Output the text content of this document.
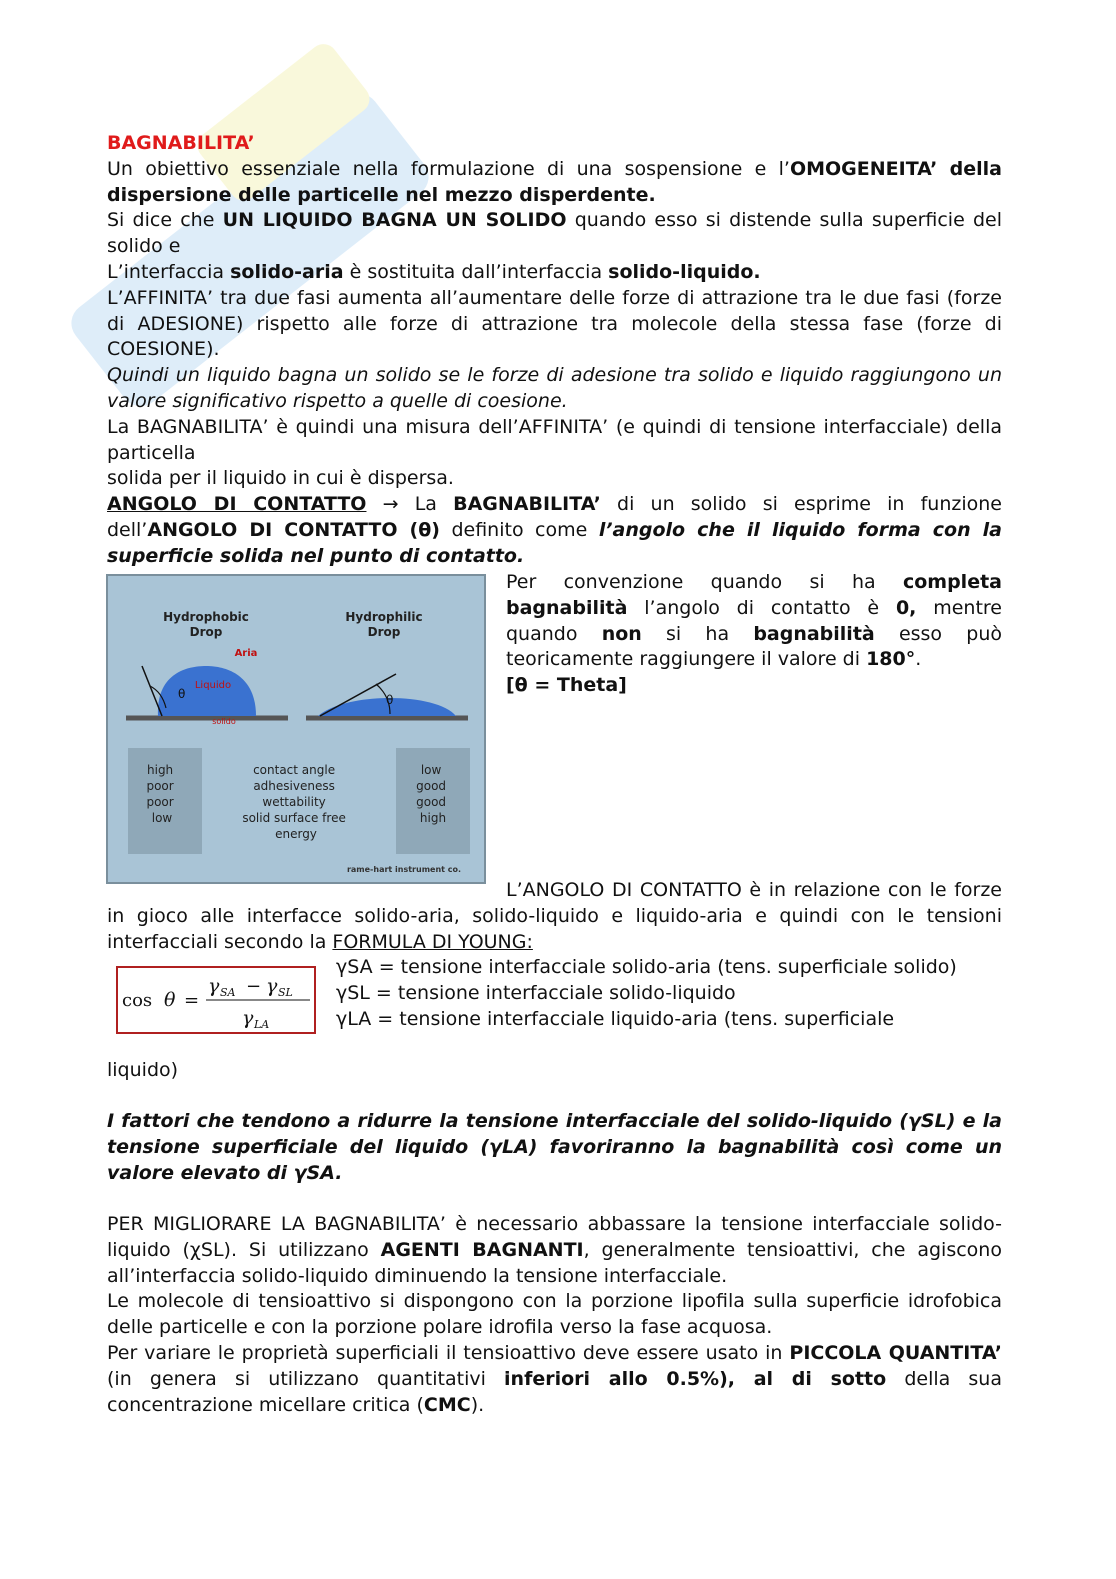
BAGNABILITA’

Un obiettivo essenziale nella formulazione di una sospensione e l’OMOGENEITA’ della dispersione delle particelle nel mezzo disperdente.

Si dice che UN LIQUIDO BAGNA UN SOLIDO quando esso si distende sulla superficie del solido e

L’interfaccia solido-aria è sostituita dall’interfaccia solido-liquido.

L’AFFINITA’ tra due fasi aumenta all’aumentare delle forze di attrazione tra le due fasi (forze di ADESIONE) rispetto alle forze di attrazione tra molecole della stessa fase (forze di COESIONE).

Quindi un liquido bagna un solido se le forze di adesione tra solido e liquido raggiungono un valore significativo rispetto a quelle di coesione.

La BAGNABILITA’ è quindi una misura dell’AFFINITA’ (e quindi di tensione interfacciale) della particella

solida per il liquido in cui è dispersa.

ANGOLO DI CONTATTO → La BAGNABILITA’ di un solido si esprime in funzione dell’ANGOLO DI CONTATTO (θ) definito come l’angolo che il liquido forma con la superficie solida nel punto di contatto.

Hydrophobic
Drop
Hydrophilic
Drop
Aria
Liquido
solido
θ	θ
high poor poor low
contact angle adhesiveness wettability solid surface free energy
low good good high
rame-hart instrument co.

Per convenzione quando si ha completa bagnabilità l’angolo di contatto è 0, mentre quando non si ha bagnabilità esso può teoricamente raggiungere il valore di 180°.

[θ = Theta]

L’ANGOLO DI CONTATTO è in relazione con le forze in gioco alle interfacce solido-aria, solido-liquido e liquido-aria e quindi con le tensioni interfacciali secondo la FORMULA DI YOUNG:

cos θ =
γ SA − γ SL
γ LA

γSA = tensione interfacciale solido-aria (tens. superficiale solido)

γSL = tensione interfacciale solido-liquido

γLA = tensione interfacciale liquido-aria (tens. superficiale

liquido)

I fattori che tendono a ridurre la tensione interfacciale del solido-liquido (γSL) e la tensione superficiale del liquido (γLA) favoriranno la bagnabilità così come un valore elevato di γSA.

PER MIGLIORARE LA BAGNABILITA’ è necessario abbassare la tensione interfacciale solido-liquido (χSL). Si utilizzano AGENTI BAGNANTI, generalmente tensioattivi, che agiscono all’interfaccia solido-liquido diminuendo la tensione interfacciale.

Le molecole di tensioattivo si dispongono con la porzione lipofila sulla superficie idrofobica delle particelle e con la porzione polare idrofila verso la fase acquosa.

Per variare le proprietà superficiali il tensioattivo deve essere usato in PICCOLA QUANTITA’ (in genera si utilizzano quantitativi inferiori allo 0.5%), al di sotto della sua concentrazione micellare critica (CMC).
